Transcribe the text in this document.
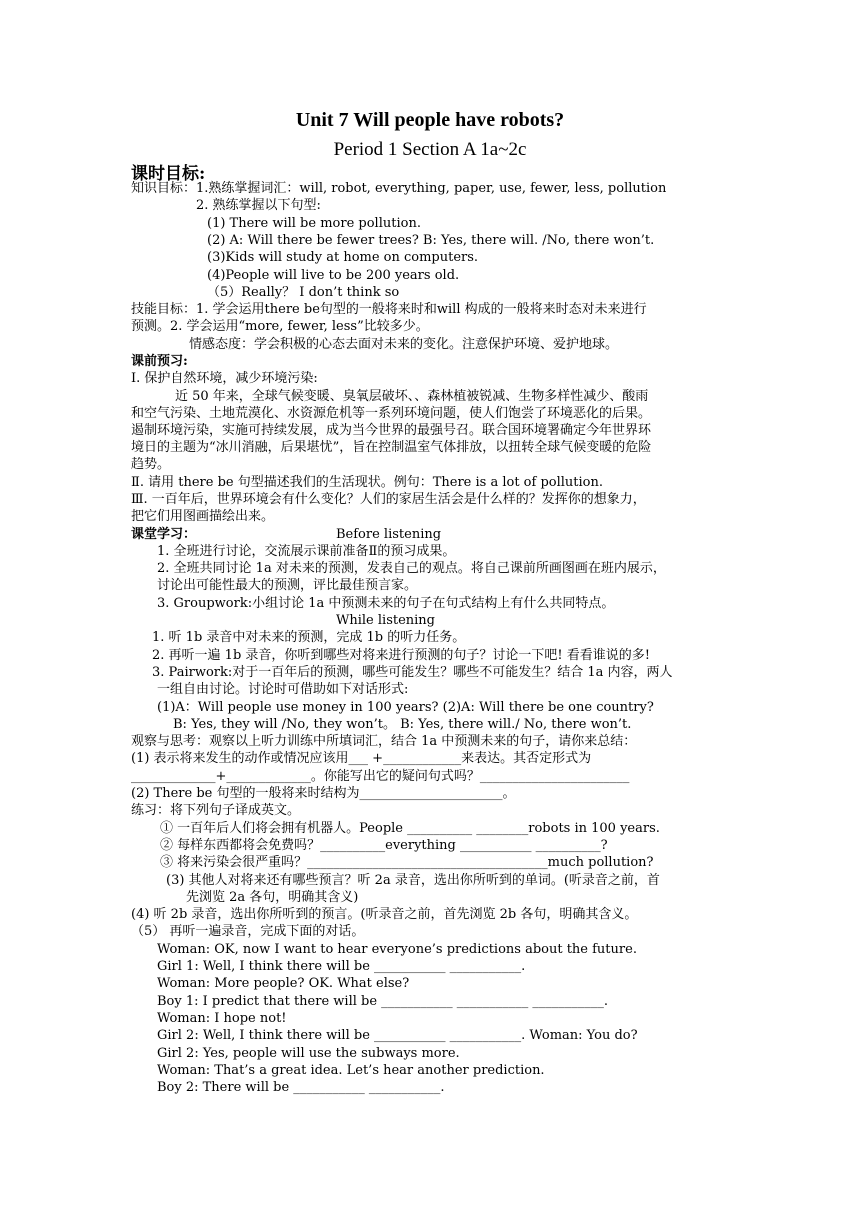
Unit 7 Will people have robots?
Period 1 Section A 1a~2c
课时目标:
知识目标：1.熟练掌握词汇：will, robot, everything, paper, use, fewer, less, pollution
2. 熟练掌握以下句型:
(1) There will be more pollution.
(2) A: Will there be fewer trees? B: Yes, there will. /No, there won’t.
(3)Kids will study at home on computers.
(4)People will live to be 200 years old.
（5）Really？ I don’t think so
技能目标：1. 学会运用there be句型的一般将来时和will 构成的一般将来时态对未来进行
预测。2. 学会运用“more, fewer, less”比较多少。
情感态度：学会积极的心态去面对未来的变化。注意保护环境、爱护地球。
课前预习:
Ⅰ. 保护自然环境，减少环境污染:
近 50 年来，全球气候变暖、臭氧层破坏、、森林植被锐减、生物多样性减少、酸雨
和空气污染、土地荒漠化、水资源危机等一系列环境问题，使人们饱尝了环境恶化的后果。
遏制环境污染，实施可持续发展，成为当今世界的最强号召。联合国环境署确定今年世界环
境日的主题为“冰川消融，后果堪忧”，旨在控制温室气体排放，以扭转全球气候变暖的危险
趋势。
Ⅱ. 请用 there be 句型描述我们的生活现状。例句：There is a lot of pollution.
Ⅲ. 一百年后，世界环境会有什么变化？人们的家居生活会是什么样的？发挥你的想象力，
把它们用图画描绘出来。
课堂学习：	Before listening
1. 全班进行讨论，交流展示课前准备Ⅱ的预习成果。
2. 全班共同讨论 1a 对未来的预测，发表自己的观点。将自己课前所画图画在班内展示，
讨论出可能性最大的预测，评比最佳预言家。
3. Groupwork:小组讨论 1a 中预测未来的句子在句式结构上有什么共同特点。
While listening
1. 听 1b 录音中对未来的预测，完成 1b 的听力任务。
2. 再听一遍 1b 录音，你听到哪些对将来进行预测的句子？讨论一下吧! 看看谁说的多!
3. Pairwork:对于一百年后的预测，哪些可能发生？哪些不可能发生？结合 1a 内容，两人
一组自由讨论。讨论时可借助如下对话形式:
(1)A：Will people use money in 100 years? (2)A: Will there be one country?
B: Yes, they will /No, they won’t。 B: Yes, there will./ No, there won’t.
观察与思考：观察以上听力训练中所填词汇，结合 1a 中预测未来的句子，请你来总结：
(1) 表示将来发生的动作或情况应该用___ +____________来表达。其否定形式为
_____________+_____________。你能写出它的疑问句式吗？_______________________
(2) There be 句型的一般将来时结构为______________________。
练习：将下列句子译成英文。
① 一百年后人们将会拥有机器人。People __________ ________robots in 100 years.
② 每样东西都将会免费吗？__________everything ___________ __________?
③ 将来污染会很严重吗？_____________________________________much pollution?
(3) 其他人对将来还有哪些预言？听 2a 录音，选出你所听到的单词。(听录音之前，首
先浏览 2a 各句，明确其含义)
(4) 听 2b 录音，选出你所听到的预言。(听录音之前，首先浏览 2b 各句，明确其含义。
（5） 再听一遍录音，完成下面的对话。
Woman: OK, now I want to hear everyone’s predictions about the future.
Girl 1: Well, I think there will be ___________ ___________.
Woman: More people? OK. What else?
Boy 1: I predict that there will be ___________ ___________ ___________.
Woman: I hope not!
Girl 2: Well, I think there will be ___________ ___________. Woman: You do?
Girl 2: Yes, people will use the subways more.
Woman: That’s a great idea. Let’s hear another prediction.
Boy 2: There will be ___________ ___________.
